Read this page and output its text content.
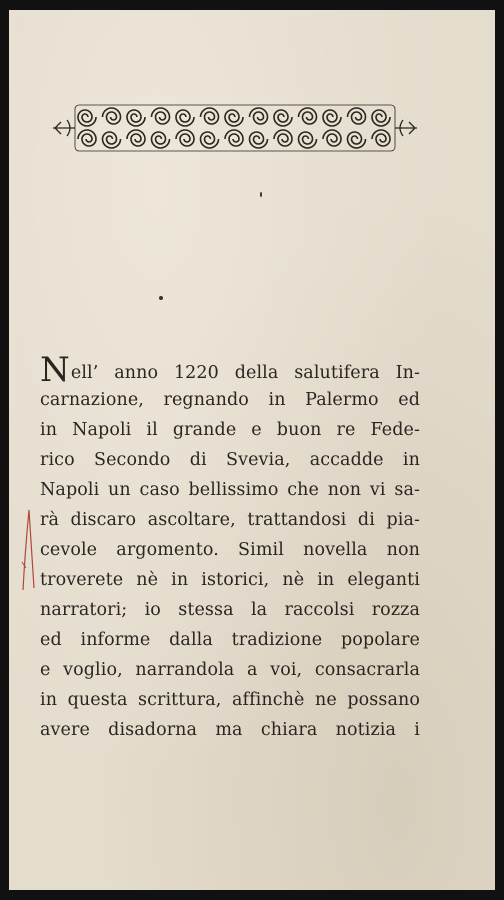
Nell’ anno 1220 della salutifera In-
carnazione, regnando in Palermo ed
in Napoli il grande e buon re Fede-
rico Secondo di Svevia, accadde in
Napoli un caso bellissimo che non vi sa-
rà discaro ascoltare, trattandosi di pia-
cevole argomento. Simil novella non
troverete nè in istorici, nè in eleganti
narratori; io stessa la raccolsi rozza
ed informe dalla tradizione popolare
e voglio, narrandola a voi, consacrarla
in questa scrittura, affinchè ne possano
avere disadorna ma chiara notizia i
